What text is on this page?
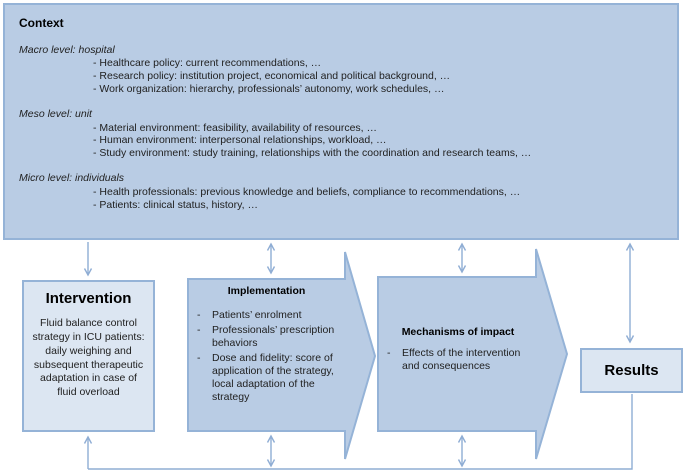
Context
Macro level: hospital
- Healthcare policy: current recommendations, …
- Research policy: institution project, economical and political background, …
- Work organization: hierarchy, professionals’ autonomy, work schedules, …
Meso level: unit
- Material environment: feasibility, availability of resources, …
- Human environment: interpersonal relationships, workload, …
- Study environment: study training, relationships with the coordination and research teams, …
Micro level: individuals
- Health professionals: previous knowledge and beliefs, compliance to recommendations, …
- Patients: clinical status, history, …
Intervention
Fluid balance control strategy in ICU patients: daily weighing and subsequent therapeutic adaptation in case of fluid overload
Implementation
- Patients’ enrolment
- Professionals’ prescription behaviors
- Dose and fidelity: score of application of the strategy, local adaptation of the strategy
Mechanisms of impact
- Effects of the intervention and consequences	Results
